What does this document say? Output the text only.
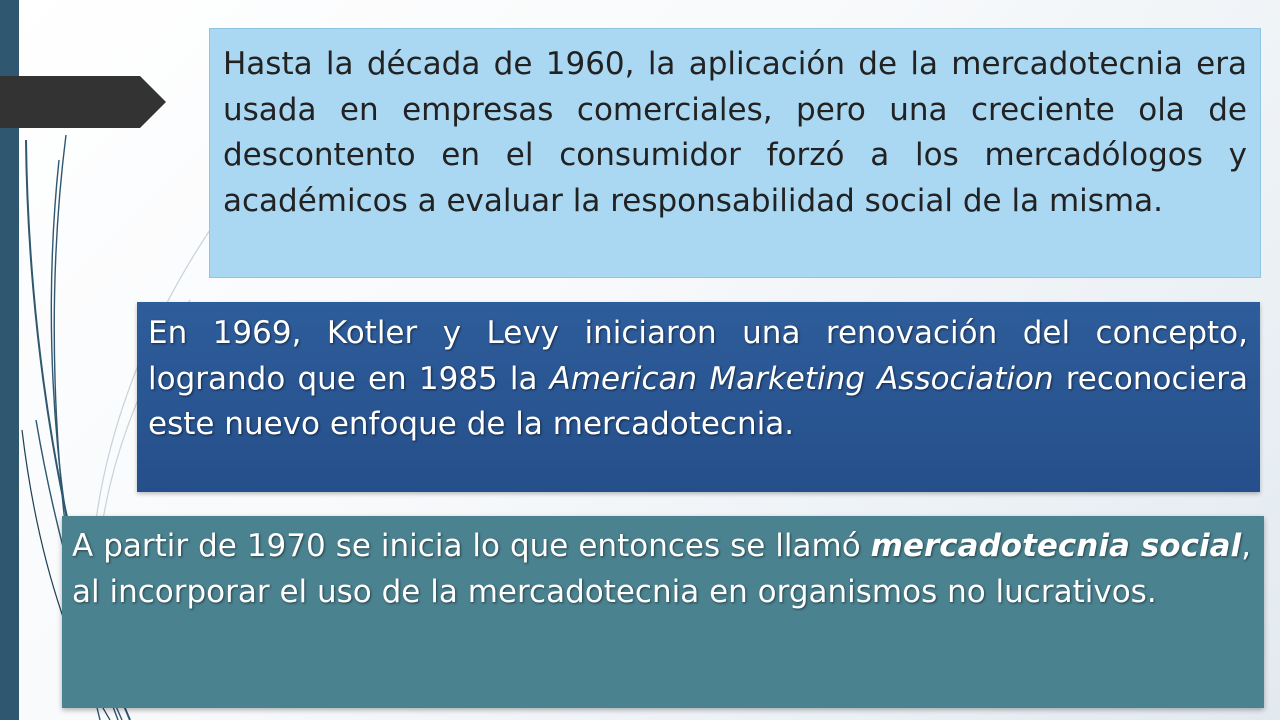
Hasta la década de 1960, la aplicación de la mercadotecnia era usada en empresas comerciales, pero una creciente ola de descontento en el consumidor forzó a los mercadólogos y académicos a evaluar la responsabilidad social de la misma.
En 1969, Kotler y Levy iniciaron una renovación del concepto, logrando que en 1985 la American Marketing Association reconociera este nuevo enfoque de la mercadotecnia.
A partir de 1970 se inicia lo que entonces se llamó mercadotecnia social, al incorporar el uso de la mercadotecnia en organismos no lucrativos.
